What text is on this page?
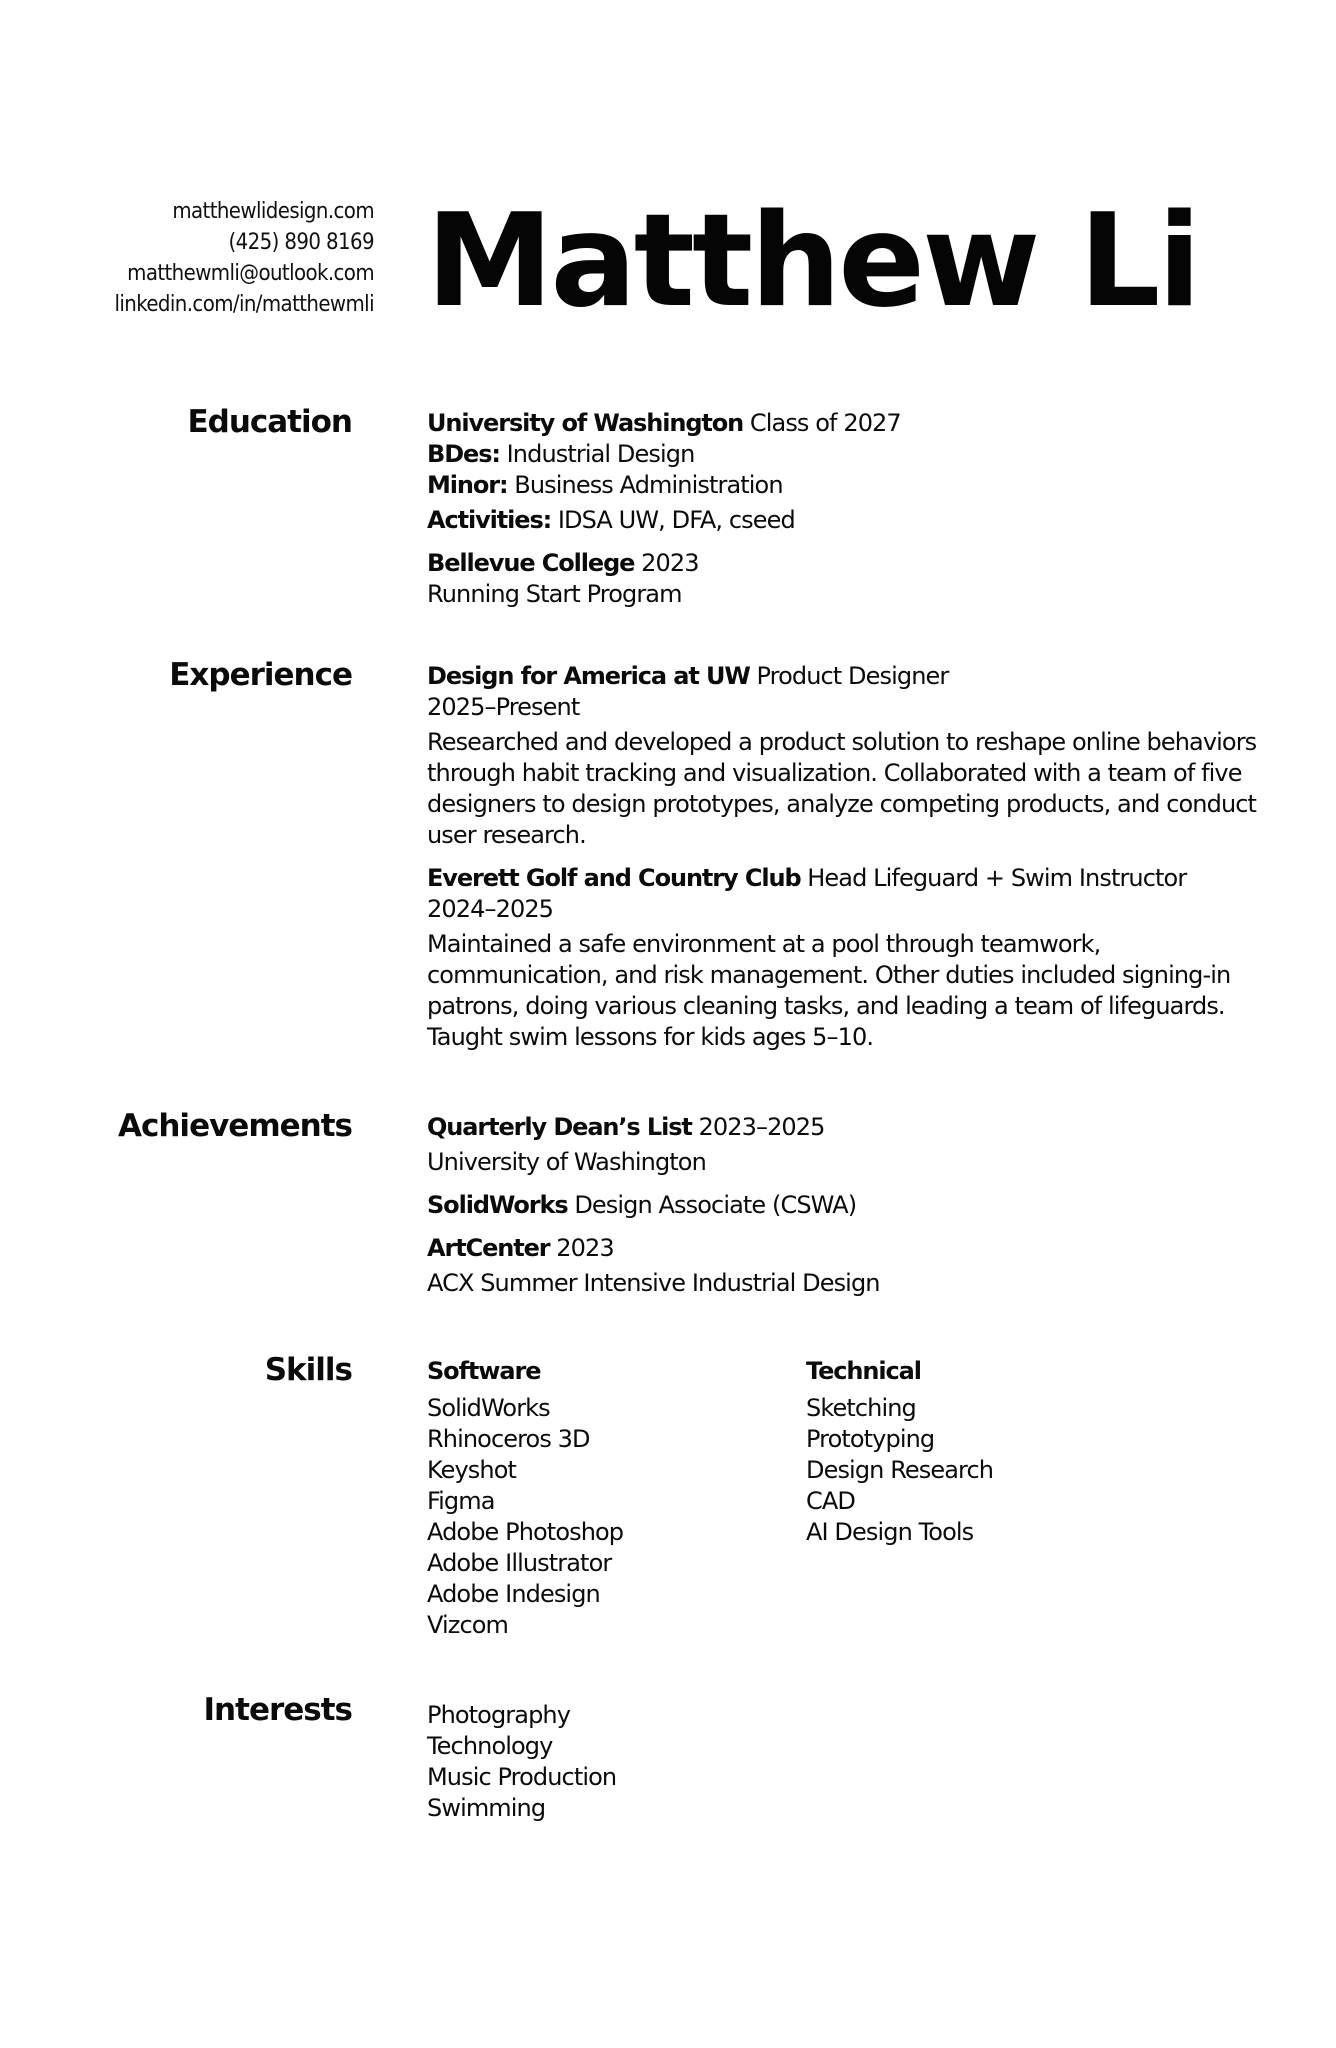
matthewlidesign.com
(425) 890 8169
matthewmli@outlook.com
linkedin.com/in/matthewmli Matthew Li
Education	University of Washington Class of 2027
BDes: Industrial Design
Minor: Business Administration
Activities: IDSA UW, DFA, cseed
Bellevue College 2023
Running Start Program
Experience	Design for America at UW Product Designer
2025–Present
Researched and developed a product solution to reshape online behaviors through habit tracking and visualization. Collaborated with a team of five designers to design prototypes, analyze competing products, and conduct user research.
Everett Golf and Country Club Head Lifeguard + Swim Instructor
2024–2025
Maintained a safe environment at a pool through teamwork, communication, and risk management. Other duties included signing-in patrons, doing various cleaning tasks, and leading a team of lifeguards. Taught swim lessons for kids ages 5–10.
Achievements	Quarterly Dean’s List 2023–2025
University of Washington
SolidWorks Design Associate (CSWA)
ArtCenter 2023
ACX Summer Intensive Industrial Design
Skills	Software
SolidWorks
Rhinoceros 3D
Keyshot
Figma
Adobe Photoshop
Adobe Illustrator
Adobe Indesign
Vizcom
Technical
Sketching
Prototyping
Design Research
CAD
AI Design Tools
Interests	Photography
Technology
Music Production
Swimming
